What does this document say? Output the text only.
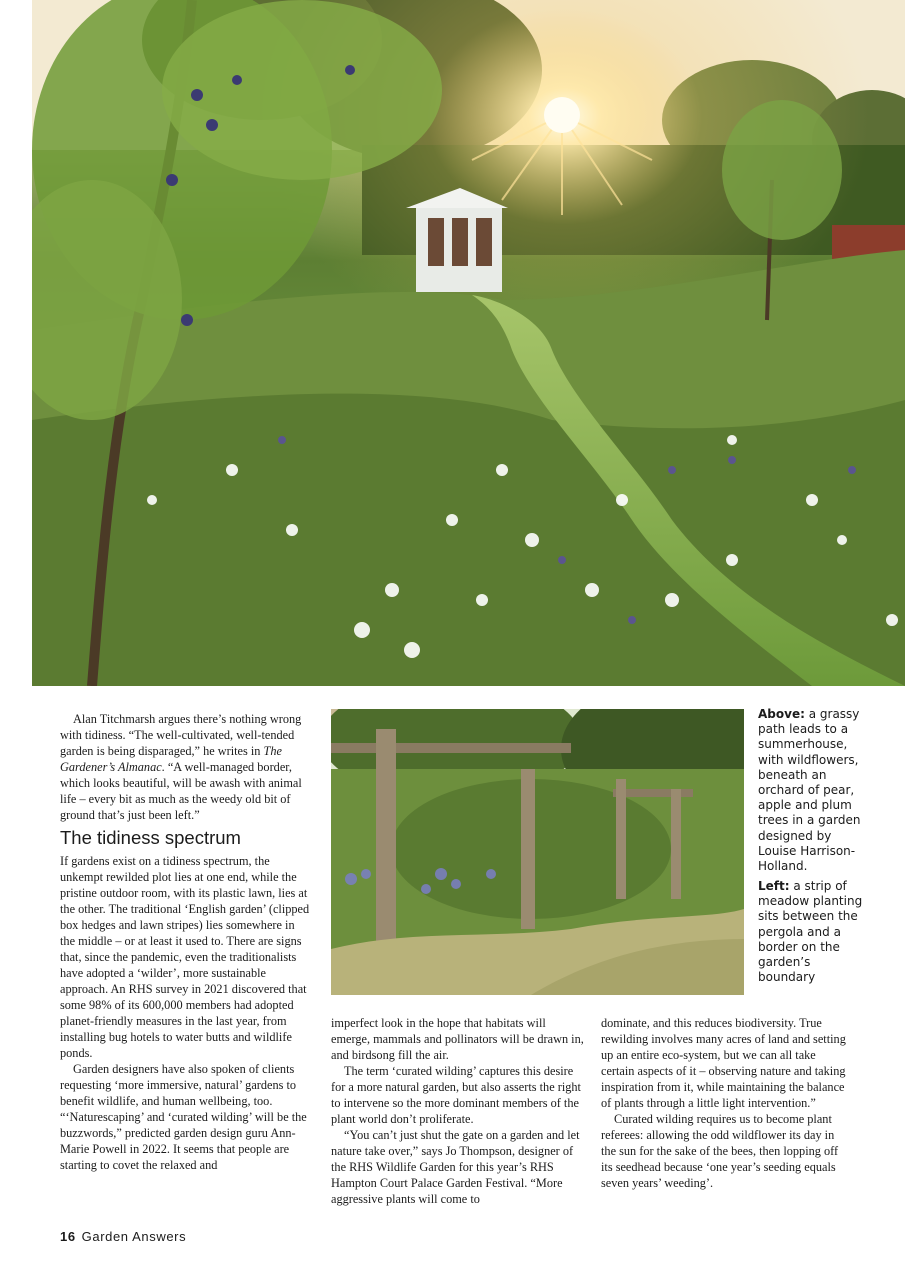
Alan Titchmarsh argues there’s nothing wrong with tidiness. “The well-cultivated, well-tended garden is being disparaged,” he writes in The Gardener’s Almanac. “A well-managed border, which looks beautiful, will be awash with animal life – every bit as much as the weedy old bit of ground that’s just been left.”

The tidiness spectrum

If gardens exist on a tidiness spectrum, the unkempt rewilded plot lies at one end, while the pristine outdoor room, with its plastic lawn, lies at the other. The traditional ‘English garden’ (clipped box hedges and lawn stripes) lies somewhere in the middle – or at least it used to. There are signs that, since the pandemic, even the traditionalists have adopted a ‘wilder’, more sustainable approach. An RHS survey in 2021 discovered that some 98% of its 600,000 members had adopted planet-friendly measures in the last year, from installing bug hotels to water butts and wildlife ponds.

Garden designers have also spoken of clients requesting ‘more immersive, natural’ gardens to benefit wildlife, and human wellbeing, too. “‘Naturescaping’ and ‘curated wilding’ will be the buzzwords,” predicted garden design guru Ann-Marie Powell in 2022. It seems that people are starting to covet the relaxed and

Above: a grassy path leads to a summerhouse, with wildflowers, beneath an orchard of pear, apple and plum trees in a garden designed by Louise Harrison-Holland.
Left: a strip of meadow planting sits between the pergola and a border on the garden’s boundary

imperfect look in the hope that habitats will emerge, mammals and pollinators will be drawn in, and birdsong fill the air.

The term ‘curated wilding’ captures this desire for a more natural garden, but also asserts the right to intervene so the more dominant members of the plant world don’t proliferate.

“You can’t just shut the gate on a garden and let nature take over,” says Jo Thompson, designer of the RHS Wildlife Garden for this year’s RHS Hampton Court Palace Garden Festival. “More aggressive plants will come to

dominate, and this reduces biodiversity. True rewilding involves many acres of land and setting up an entire eco-system, but we can all take certain aspects of it – observing nature and taking inspiration from it, while maintaining the balance of plants through a little light intervention.”

Curated wilding requires us to become plant referees: allowing the odd wildflower its day in the sun for the sake of the bees, then lopping off its seedhead because ‘one year’s seeding equals seven years’ weeding’.

16 Garden Answers
